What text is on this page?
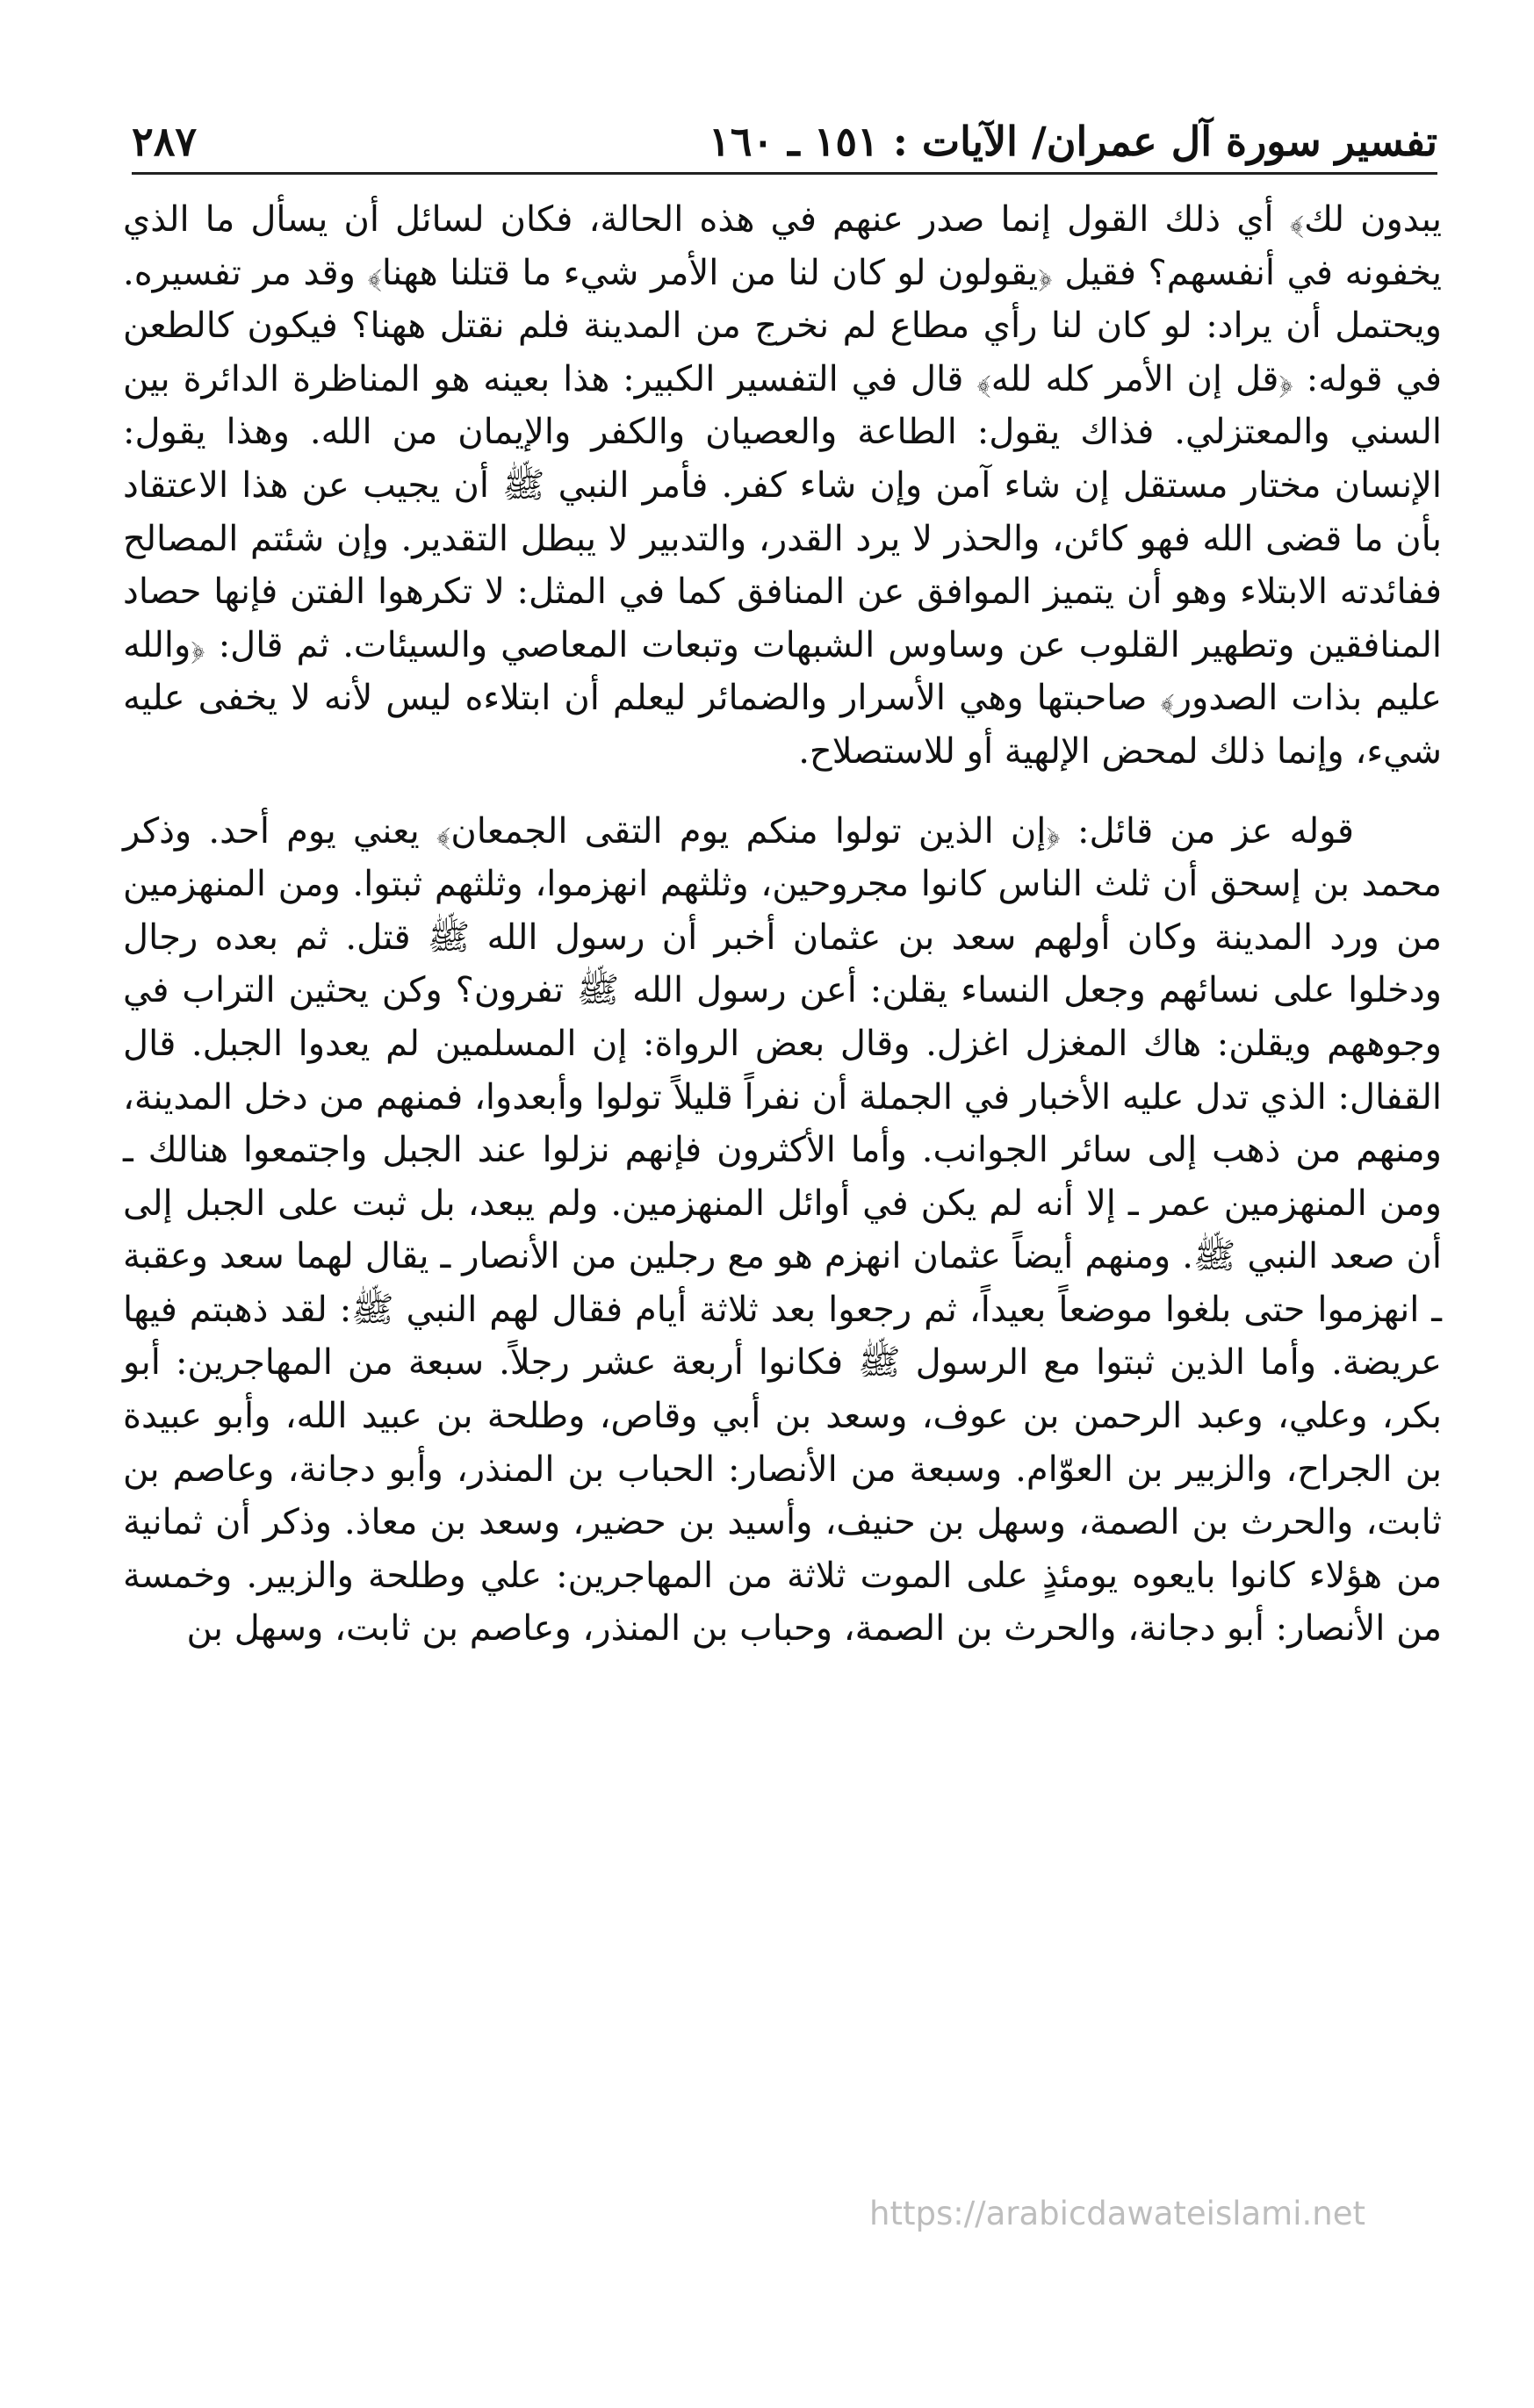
تفسير سورة آل عمران/ الآيات : ١٥١ ـ ١٦٠
٢٨٧

يبدون لك﴾ أي ذلك القول إنما صدر عنهم في هذه الحالة، فكان لسائل أن يسأل ما الذي يخفونه في أنفسهم؟ فقيل ﴿يقولون لو كان لنا من الأمر شيء ما قتلنا ههنا﴾ وقد مر تفسيره. ويحتمل أن يراد: لو كان لنا رأي مطاع لم نخرج من المدينة فلم نقتل ههنا؟ فيكون كالطعن في قوله: ﴿قل إن الأمر كله لله﴾ قال في التفسير الكبير: هذا بعينه هو المناظرة الدائرة بين السني والمعتزلي. فذاك يقول: الطاعة والعصيان والكفر والإيمان من الله. وهذا يقول: الإنسان مختار مستقل إن شاء آمن وإن شاء كفر. فأمر النبي ﷺ أن يجيب عن هذا الاعتقاد بأن ما قضى الله فهو كائن، والحذر لا يرد القدر، والتدبير لا يبطل التقدير. وإن شئتم المصالح ففائدته الابتلاء وهو أن يتميز الموافق عن المنافق كما في المثل: لا تكرهوا الفتن فإنها حصاد المنافقين وتطهير القلوب عن وساوس الشبهات وتبعات المعاصي والسيئات. ثم قال: ﴿والله عليم بذات الصدور﴾ صاحبتها وهي الأسرار والضمائر ليعلم أن ابتلاءه ليس لأنه لا يخفى عليه شيء، وإنما ذلك لمحض الإلهية أو للاستصلاح.

قوله عز من قائل: ﴿إن الذين تولوا منكم يوم التقى الجمعان﴾ يعني يوم أحد. وذكر محمد بن إسحق أن ثلث الناس كانوا مجروحين، وثلثهم انهزموا، وثلثهم ثبتوا. ومن المنهزمين من ورد المدينة وكان أولهم سعد بن عثمان أخبر أن رسول الله ﷺ قتل. ثم بعده رجال ودخلوا على نسائهم وجعل النساء يقلن: أعن رسول الله ﷺ تفرون؟ وكن يحثين التراب في وجوههم ويقلن: هاك المغزل اغزل. وقال بعض الرواة: إن المسلمين لم يعدوا الجبل. قال القفال: الذي تدل عليه الأخبار في الجملة أن نفراً قليلاً تولوا وأبعدوا، فمنهم من دخل المدينة، ومنهم من ذهب إلى سائر الجوانب. وأما الأكثرون فإنهم نزلوا عند الجبل واجتمعوا هنالك ـ ومن المنهزمين عمر ـ إلا أنه لم يكن في أوائل المنهزمين. ولم يبعد، بل ثبت على الجبل إلى أن صعد النبي ﷺ. ومنهم أيضاً عثمان انهزم هو مع رجلين من الأنصار ـ يقال لهما سعد وعقبة ـ انهزموا حتى بلغوا موضعاً بعيداً، ثم رجعوا بعد ثلاثة أيام فقال لهم النبي ﷺ: لقد ذهبتم فيها عريضة. وأما الذين ثبتوا مع الرسول ﷺ فكانوا أربعة عشر رجلاً. سبعة من المهاجرين: أبو بكر، وعلي، وعبد الرحمن بن عوف، وسعد بن أبي وقاص، وطلحة بن عبيد الله، وأبو عبيدة بن الجراح، والزبير بن العوّام. وسبعة من الأنصار: الحباب بن المنذر، وأبو دجانة، وعاصم بن ثابت، والحرث بن الصمة، وسهل بن حنيف، وأسيد بن حضير، وسعد بن معاذ. وذكر أن ثمانية من هؤلاء كانوا بايعوه يومئذٍ على الموت ثلاثة من المهاجرين: علي وطلحة والزبير. وخمسة من الأنصار: أبو دجانة، والحرث بن الصمة، وحباب بن المنذر، وعاصم بن ثابت، وسهل بن

https://arabicdawateislami.net
